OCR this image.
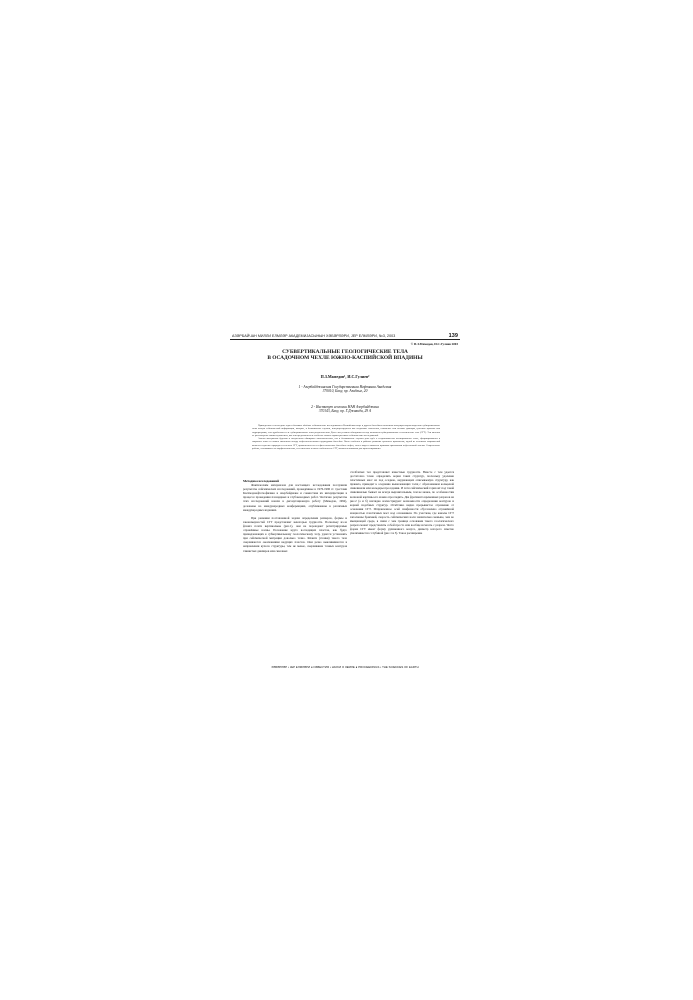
AЗƏРБАЙЧАН МИЛЛИ ЕЛМЛƏР АКАДЕМИЈАСЫНЫН ХƏБƏРЛƏРИ, ЈЕР ЕЛМЛƏРИ, №3, 2003	139
© П.З.Мамедов, И.С.Гулиев 2003
СУБВЕРТИКАЛЬНЫЕ ГЕОЛОГИЧЕСКИЕ ТЕЛА
В ОСАДОЧНОМ ЧЕХЛЕ ЮЖНО-КАСПИЙСКОЙ ВПАДИНЫ
П.З.Мамедов¹, И.С.Гулиев²
1 - Азербайджанская Государственная Нефтяная Академия
370010, Баку, пр. Азадлыг, 20
2 - Институт геологии НАН Азербайджана
370143, Баку, пр. Г.Джавида, 29 А

Приведенные в последние годы в больших объёмах сейсмические исследования в Каспийском море и других бассейнах позволили интерпретаторам выделить субвертикальные зоны потери сейсмической информации, которые, в большинстве случаев, интерпретируются как осадочные изменения, глинистые или газовые диапиры, грязевые вулканы или гидроразрывы, тела дробления и т.п. субвертикальные зоны разуплотнения. Далее мы условно объединим их под названием субвертикальные геологические тела (СГТ). Эти явления не рассмотрены таким изумлением, как они представлены в особенно тонких характеристиках сейсмических исследований.

Анализ материалов бурения и полученных обширных литологических, что в большинстве случаев речь идёт о геодинамически изолированных телах, сформированных в закрытых зонах и сложно связанных между нефтегазоносными структурами бассейна. Часть особенно в районах развития грязевого вулканизма, одной из основных направлений является изучение природы и генезиса СГТ, проявлением их в нефтегазоносных бассейнах нефти, газа и воды и являются прямыми признаками нефтегазовой залежи. Современные работы, основываясь на морфологических, генетических и иных особенностях СГТ, являются важными для прогнозирования.

Методика исследований

Фактическим материалом для настоящего исследования послужили результаты сейсмических исследований, проведённые в 1976-1990 гг. трестами Каспморнефтегеофизика в Азербайджане и совместная их интерпретация в процессе проведения площадных и глубоководных работ. Частично результаты этих исследований вошли в диссертационную работу (Мамедов, 1992), доложены на международных конференциях, опубликованы в различных международных изданиях.

При решении поставленной задачи определения размеров, формы и закономерностей СГТ представляет некоторые трудности. Поскольку из-за фланга почти вертикальны (рис.1), они не порождают регистрируемые отражённые волны. Положение круто восходящих пластов, как будто принадлежащих к субвертикальному геологическому телу, удается установить при сейсмической миграции довольно точно. Фланги (стенки) такого тела очерчиваются окончаниями ведущих пластов. Они резко выклиниваются в направлении купола структуры, тем не менее, очерчивание точных контуров глинистых диапиров или сквозных

столбчатых тел представляет известные трудности. Вместе с тем удается достаточно точно определить корни таких структур, поскольку удаление пластичных масс из под осадков, окружающих описываемую структуру, как правило, приводит к оседанию вышележащих толщ с образованием кольцевой синклинали или кальдеры проседания. И хотя сейсмический горизонт под такой синклиналью бывает не всегда выразительным, тем не менее, по особенностям волновой картины его можно проследить. Два фрагмента временных разрезов на рис.2 (а и б) наглядно иллюстрируют возможности определения контуров и корней подобных структур. Отчётливо видно прерывистое отражение от основания СГТ. Исправленное осей синфазности обусловлено отражённой мощностью пластичных масс над основанием. По участкам, где каналы СГТ заполнены брекчией, скорость сейсмических волн значительно меньше, чем во вмещающей среде, в связи с чем граница основания такого геологического разреза может представлять собой просто или вообще исчезать с разреза. Часто форма СГТ имеет форму удлиненного конуса, диаметр которого заметно увеличивается с глубиной (рис.1 и 3). Такое расширение

ХƏБƏРЛƏР • ЈЕР ЕЛМЛƏРИ ● ИЗВЕСТИЯ • НАУКИ О ЗЕМЛЕ ● PROCEEDINGS • THE SCIENCES OF EARTH
